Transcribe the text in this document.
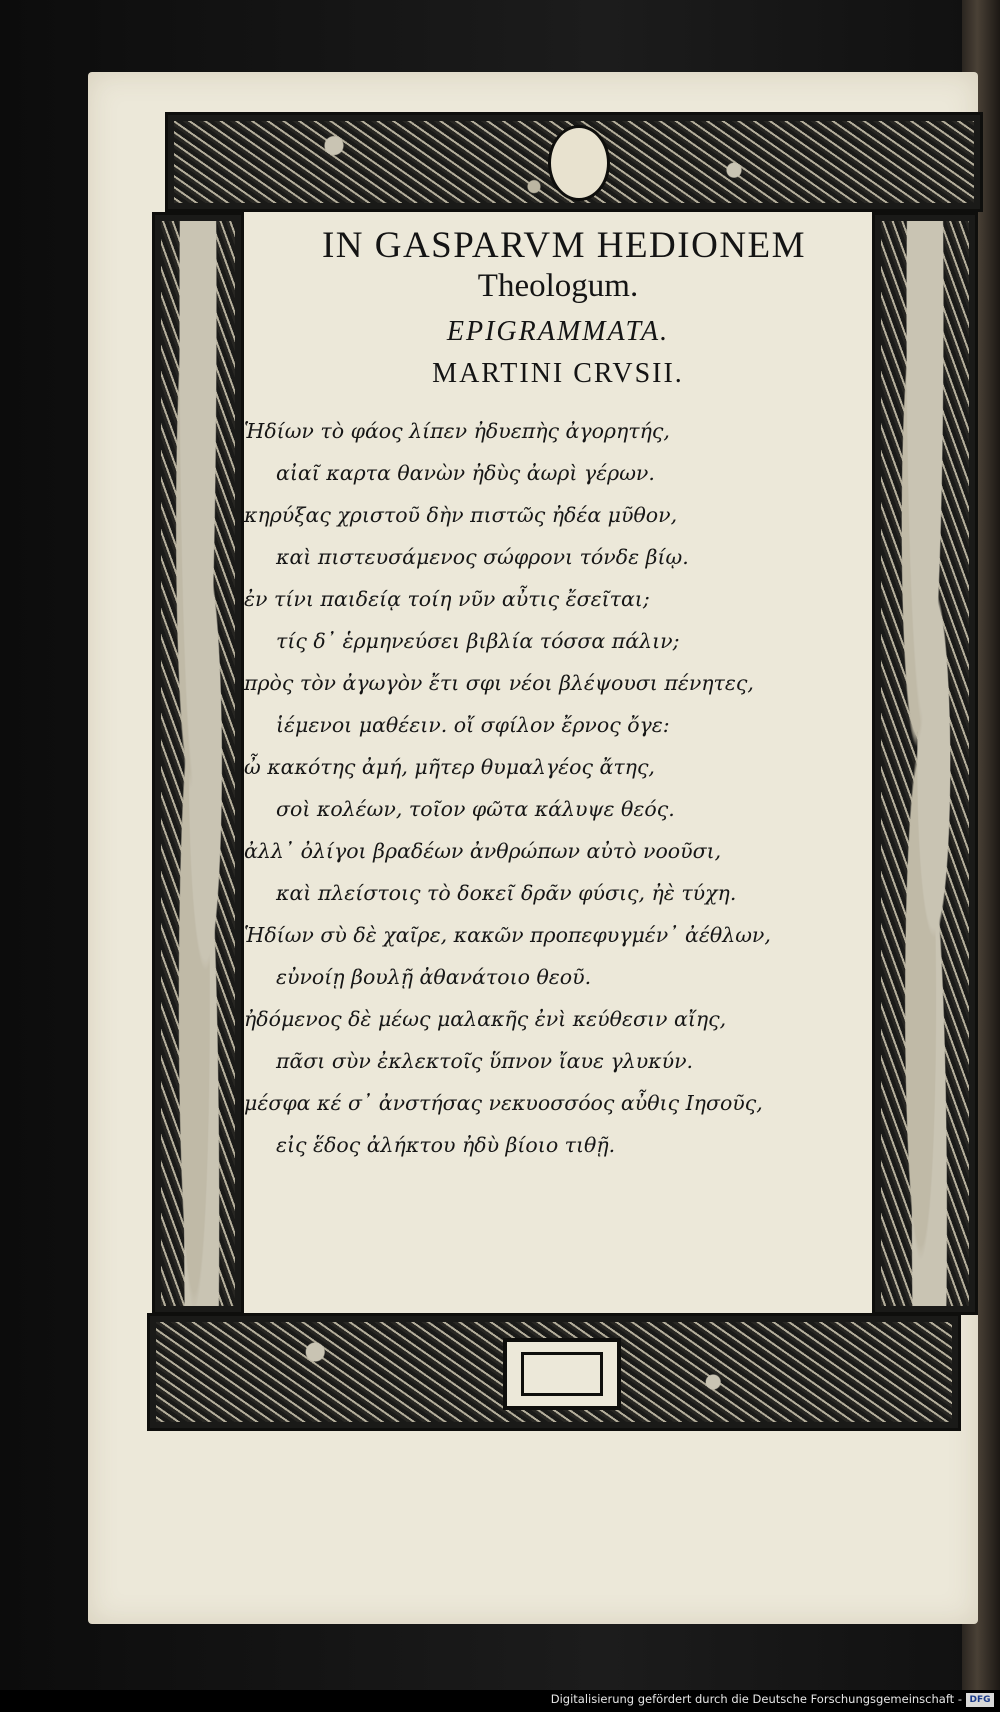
IN GASPARVM HEDIONEM
Theologum.
EPIGRAMMATA.
MARTINI CRVSII.
Ἡδίων τὸ φάος λίπεν ἠδυεπὴς ἀγορητής,
αἰαῖ καρτα θανὼν ἠδὺς ἀωρὶ γέρων.
κηρύξας χριστοῦ δὴν πιστῶς ἠδέα μῦθον,
καὶ πιστευσάμενος σώφρονι τόνδε βίῳ.
ἐν τίνι παιδείᾳ τοίη νῦν αὖτις ἔσεῖται;
τίς δ᾽ ἑρμηνεύσει βιβλία τόσσα πάλιν;
πρὸς τὸν ἀγωγὸν ἔτι σφι νέοι βλέψουσι πένητες,
ἱέμενοι μαθέειν. οἴ σφίλον ἔρνος ὄγε:
ὦ κακότης ἀμή, μῆτερ θυμαλγέος ἄτης,
σοὶ κολέων, τοῖον φῶτα κάλυψε θεός.
ἀλλ᾽ ὀλίγοι βραδέων ἀνθρώπων αὐτὸ νοοῦσι,
καὶ πλείστοις τὸ δοκεῖ δρᾶν φύσις, ἠὲ τύχη.
Ἡδίων σὺ δὲ χαῖρε, κακῶν προπεφυγμέν᾽ ἀέθλων,
εὐνοίῃ βουλῇ ἀθανάτοιο θεοῦ.
ἠδόμενος δὲ μέως μαλακῆς ἐνὶ κεύθεσιν αἴης,
πᾶσι σὺν ἐκλεκτοῖς ὕπνον ἴαυε γλυκύν.
μέσφα κέ σ᾽ ἀνστήσας νεκυοσσόος αὖθις Ιησοῦς,
εἰς ἕδος ἀλήκτου ἠδὺ βίοιο τιθῇ.
Digitalisierung gefördert durch die Deutsche Forschungsgemeinschaft - DFG
